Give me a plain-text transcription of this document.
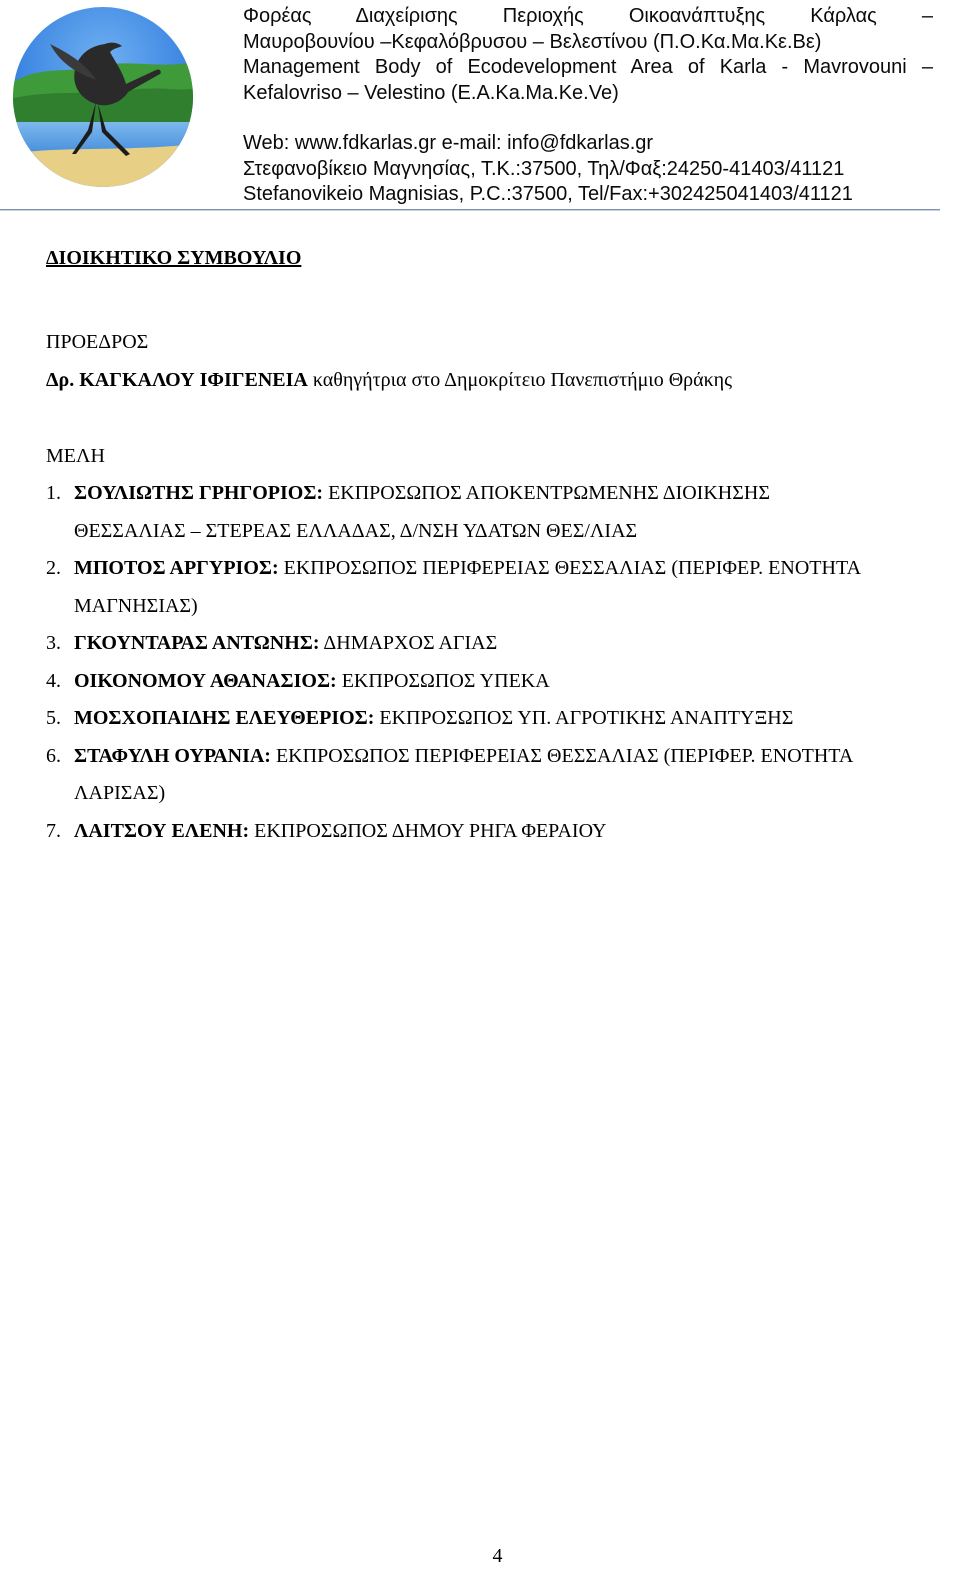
Φορέας Διαχείρισης Περιοχής Οικοανάπτυξης Κάρλας –
Μαυροβουνίου –Κεφαλόβρυσου – Βελεστίνου (Π.Ο.Κα.Μα.Κε.Βε)
Management Body of Ecodevelopment Area of Karla - Mavrovouni –
Kefalovriso – Velestino (E.A.Ka.Ma.Ke.Ve)
Web: www.fdkarlas.gr e-mail: info@fdkarlas.gr
Στεφανοβίκειο Μαγνησίας, Τ.Κ.:37500, Τηλ/Φαξ:24250-41403/41121
Stefanovikeio Magnisias, P.C.:37500, Tel/Fax:+302425041403/41121
ΔΙΟΙΚΗΤΙΚΟ ΣΥΜΒΟΥΛΙΟ
ΠΡΟΕΔΡΟΣ
Δρ. ΚΑΓΚΑΛΟΥ ΙΦΙΓΕΝΕΙΑ καθηγήτρια στο Δημοκρίτειο Πανεπιστήμιο Θράκης
ΜΕΛΗ
1. ΣΟΥΛΙΩΤΗΣ ΓΡΗΓΟΡΙΟΣ: ΕΚΠΡΟΣΩΠΟΣ ΑΠΟΚΕΝΤΡΩΜΕΝΗΣ ΔΙΟΙΚΗΣΗΣ
ΘΕΣΣΑΛΙΑΣ – ΣΤΕΡΕΑΣ ΕΛΛΑΔΑΣ, Δ/ΝΣΗ ΥΔΑΤΩΝ ΘΕΣ/ΛΙΑΣ
2. ΜΠΟΤΟΣ ΑΡΓΥΡΙΟΣ: ΕΚΠΡΟΣΩΠΟΣ ΠΕΡΙΦΕΡΕΙΑΣ ΘΕΣΣΑΛΙΑΣ (ΠΕΡΙΦΕΡ. ΕΝΟΤΗΤΑ
ΜΑΓΝΗΣΙΑΣ)
3. ΓΚΟΥΝΤΑΡΑΣ ΑΝΤΩΝΗΣ: ΔΗΜΑΡΧΟΣ ΑΓΙΑΣ
4. ΟΙΚΟΝΟΜΟΥ ΑΘΑΝΑΣΙΟΣ: ΕΚΠΡΟΣΩΠΟΣ ΥΠΕΚΑ
5. ΜΟΣΧΟΠΑΙΔΗΣ ΕΛΕΥΘΕΡΙΟΣ: ΕΚΠΡΟΣΩΠΟΣ ΥΠ. ΑΓΡΟΤΙΚΗΣ ΑΝΑΠΤΥΞΗΣ
6. ΣΤΑΦΥΛΗ ΟΥΡΑΝΙΑ: ΕΚΠΡΟΣΩΠΟΣ ΠΕΡΙΦΕΡΕΙΑΣ ΘΕΣΣΑΛΙΑΣ (ΠΕΡΙΦΕΡ. ΕΝΟΤΗΤΑ
ΛΑΡΙΣΑΣ)
7. ΛΑΙΤΣΟΥ ΕΛΕΝΗ: ΕΚΠΡΟΣΩΠΟΣ ΔΗΜΟΥ ΡΗΓΑ ΦΕΡΑΙΟΥ
4
